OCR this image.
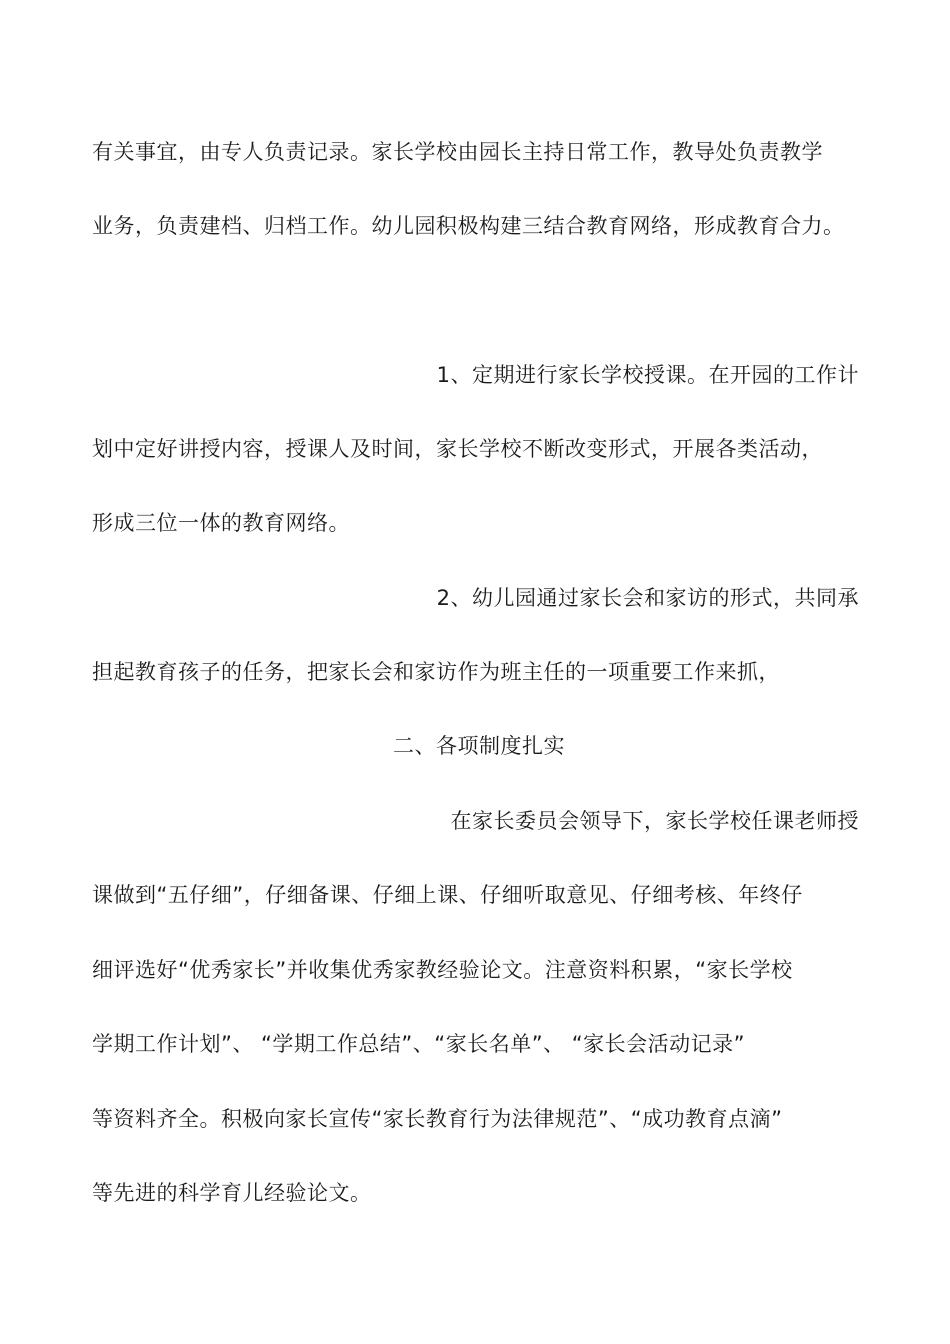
有关事宜，由专人负责记录。家长学校由园长主持日常工作，教导处负责教学
业务，负责建档、归档工作。幼儿园积极构建三结合教育网络，形成教育合力。
1、定期进行家长学校授课。在开园的工作计
划中定好讲授内容，授课人及时间，家长学校不断改变形式，开展各类活动，
形成三位一体的教育网络。
2、幼儿园通过家长会和家访的形式，共同承
担起教育孩子的任务，把家长会和家访作为班主任的一项重要工作来抓，
二、各项制度扎实
在家长委员会领导下，家长学校任课老师授
课做到“五仔细”，仔细备课、仔细上课、仔细听取意见、仔细考核、年终仔
细评选好“优秀家长”并收集优秀家教经验论文。注意资料积累，“家长学校
学期工作计划”、 “学期工作总结”、“家长名单”、 “家长会活动记录”
等资料齐全。积极向家长宣传“家长教育行为法律规范”、“成功教育点滴”
等先进的科学育儿经验论文。
